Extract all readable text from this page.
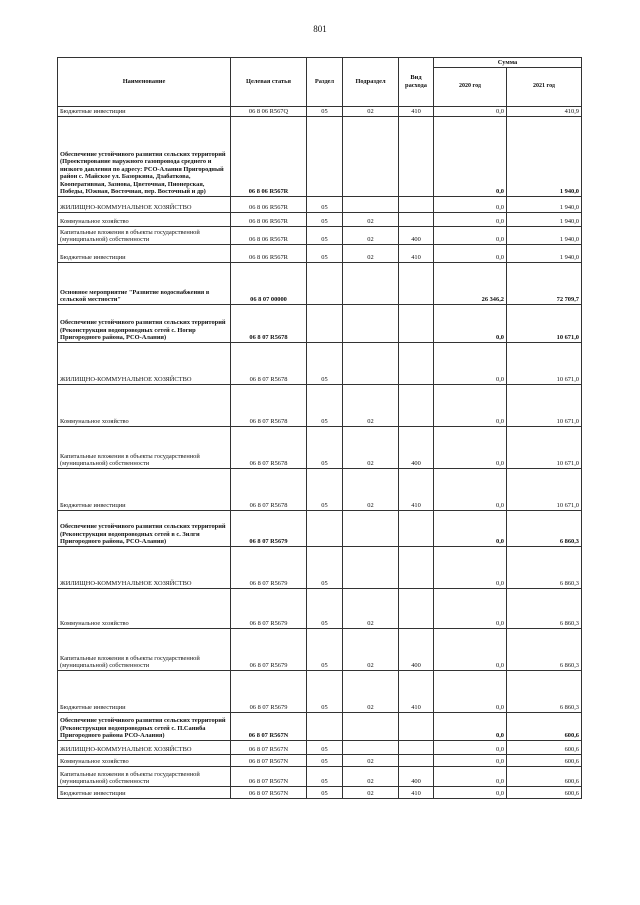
801
Наименование	Целевая статья	Раздел	Подраздел	Вид расхода	Сумма	
					2020 год	2021 год
Бюджетные инвестиции	06 8 06 R567Q	05	02	410	0,0	410,9
Обеспечение устойчивого развития сельских территорий (Проектирование наружного газопровода среднего и низкого давления по адресу: РСО-Алания Пригородный район с. Майское ул. Базоркина, Дзабаткова, Кооперативная, Зазнова, Цветочная, Пионерская, Победы, Южная, Восточная, пер. Восточный и др)	06 8 06 R567R				0,0	1 940,0
ЖИЛИЩНО-КОММУНАЛЬНОЕ ХОЗЯЙСТВО	06 8 06 R567R	05			0,0	1 940,0
Коммунальное хозяйство	06 8 06 R567R	05	02		0,0	1 940,0
Капитальные вложения в объекты государственной (муниципальной) собственности	06 8 06 R567R	05	02	400	0,0	1 940,0
Бюджетные инвестиции	06 8 06 R567R	05	02	410	0,0	1 940,0
Основное мероприятие "Развитие водоснабжения в сельской местности"	06 8 07 00000				26 346,2	72 709,7
Обеспечение устойчивого развития сельских территорий (Реконструкция водопроводных сетей с. Ногир Пригородного района, РСО-Алания)	06 8 07 R5678				0,0	10 671,0
ЖИЛИЩНО-КОММУНАЛЬНОЕ ХОЗЯЙСТВО	06 8 07 R5678	05			0,0	10 671,0
Коммунальное хозяйство	06 8 07 R5678	05	02		0,0	10 671,0
Капитальные вложения в объекты государственной (муниципальной) собственности	06 8 07 R5678	05	02	400	0,0	10 671,0
Бюджетные инвестиции	06 8 07 R5678	05	02	410	0,0	10 671,0
Обеспечение устойчивого развития сельских территорий (Реконструкция водопроводных сетей в с. Зилги Пригородного района, РСО-Алания)	06 8 07 R5679				0,0	6 860,3
ЖИЛИЩНО-КОММУНАЛЬНОЕ ХОЗЯЙСТВО	06 8 07 R5679	05			0,0	6 860,3
Коммунальное хозяйство	06 8 07 R5679	05	02		0,0	6 860,3
Капитальные вложения в объекты государственной (муниципальной) собственности	06 8 07 R5679	05	02	400	0,0	6 860,3
Бюджетные инвестиции	06 8 07 R5679	05	02	410	0,0	6 860,3
Обеспечение устойчивого развития сельских территорий (Реконструкция водопроводных сетей с. П.Саниба Пригородного района РСО-Алания)	06 8 07 R567N				0,0	600,6
ЖИЛИЩНО-КОММУНАЛЬНОЕ ХОЗЯЙСТВО	06 8 07 R567N	05			0,0	600,6
Коммунальное хозяйство	06 8 07 R567N	05	02		0,0	600,6
Капитальные вложения в объекты государственной (муниципальной) собственности	06 8 07 R567N	05	02	400	0,0	600,6
Бюджетные инвестиции	06 8 07 R567N	05	02	410	0,0	600,6
